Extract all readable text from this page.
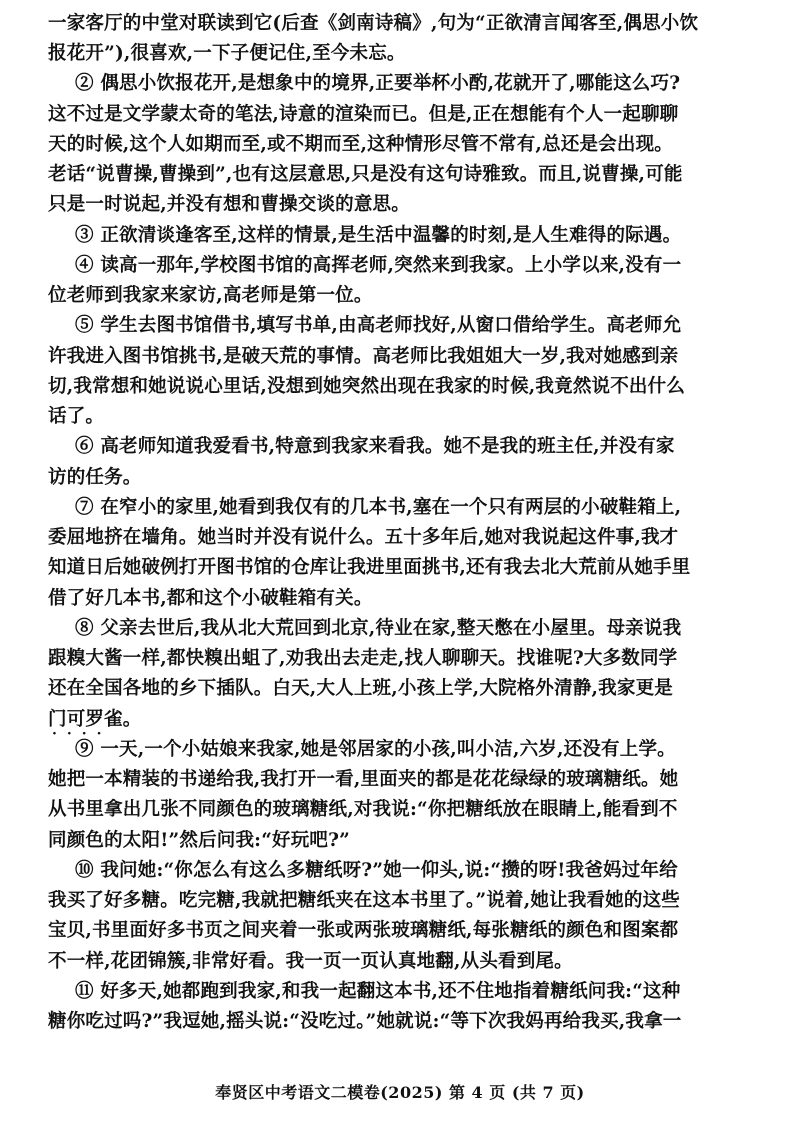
一家客厅的中堂对联读到它(后查《剑南诗稿》,句为“正欲清言闻客至,偶思小饮
报花开”),很喜欢,一下子便记住,至今未忘。
② 偶思小饮报花开,是想象中的境界,正要举杯小酌,花就开了,哪能这么巧?
这不过是文学蒙太奇的笔法,诗意的渲染而已。但是,正在想能有个人一起聊聊
天的时候,这个人如期而至,或不期而至,这种情形尽管不常有,总还是会出现。
老话“说曹操,曹操到”,也有这层意思,只是没有这句诗雅致。而且,说曹操,可能
只是一时说起,并没有想和曹操交谈的意思。
③ 正欲清谈逢客至,这样的情景,是生活中温馨的时刻,是人生难得的际遇。
④ 读高一那年,学校图书馆的高挥老师,突然来到我家。上小学以来,没有一
位老师到我家来家访,高老师是第一位。
⑤ 学生去图书馆借书,填写书单,由高老师找好,从窗口借给学生。高老师允
许我进入图书馆挑书,是破天荒的事情。高老师比我姐姐大一岁,我对她感到亲
切,我常想和她说说心里话,没想到她突然出现在我家的时候,我竟然说不出什么
话了。
⑥ 高老师知道我爱看书,特意到我家来看我。她不是我的班主任,并没有家
访的任务。
⑦ 在窄小的家里,她看到我仅有的几本书,塞在一个只有两层的小破鞋箱上,
委屈地挤在墙角。她当时并没有说什么。五十多年后,她对我说起这件事,我才
知道日后她破例打开图书馆的仓库让我进里面挑书,还有我去北大荒前从她手里
借了好几本书,都和这个小破鞋箱有关。
⑧ 父亲去世后,我从北大荒回到北京,待业在家,整天憋在小屋里。母亲说我
跟糗大酱一样,都快糗出蛆了,劝我出去走走,找人聊聊天。找谁呢?大多数同学
还在全国各地的乡下插队。白天,大人上班,小孩上学,大院格外清静,我家更是
门可罗雀。
····
⑨ 一天,一个小姑娘来我家,她是邻居家的小孩,叫小洁,六岁,还没有上学。
她把一本精装的书递给我,我打开一看,里面夹的都是花花绿绿的玻璃糖纸。她
从书里拿出几张不同颜色的玻璃糖纸,对我说:“你把糖纸放在眼睛上,能看到不
同颜色的太阳!”然后问我:“好玩吧?”
⑩ 我问她:“你怎么有这么多糖纸呀?”她一仰头,说:“攒的呀!我爸妈过年给
我买了好多糖。吃完糖,我就把糖纸夹在这本书里了。”说着,她让我看她的这些
宝贝,书里面好多书页之间夹着一张或两张玻璃糖纸,每张糖纸的颜色和图案都
不一样,花团锦簇,非常好看。我一页一页认真地翻,从头看到尾。
⑪ 好多天,她都跑到我家,和我一起翻这本书,还不住地指着糖纸问我:“这种
糖你吃过吗?”我逗她,摇头说:“没吃过。”她就说:“等下次我妈再给我买,我拿一
奉贤区中考语文二模卷(2025) 第 4 页 (共 7 页)
